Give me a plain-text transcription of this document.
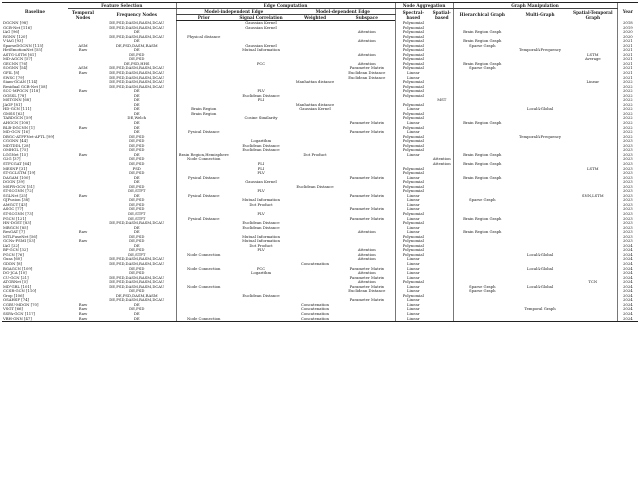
Baseline	Feature Selection		Edge Computation				Node Aggregation		Graph Manipulation			Year
	Temporal Nodes	Frequency Nodes	Model-independent Edge		Model-dependent Edge		Spectral-based	Spatial-based	Hierarchical Graph	Multi-Graph	Spatial-Temporal Graph	
			Prior	Signal Correlation	Weighted	Subspace						
DGCNN [98]		DE,PSD,DASM,RASM,DCAU		Gaussian Kernel			Polynomial					2018
GCB-Net [116]		DE,PSD,DASM,RASM,DCAU		Gaussian Kernel			Polynomial					2019
IAG [96]		DE				Attention	Polynomial		Brain Region Graph			2020
RGNN [120]		DE,PSD,DASM,RASM,DCAU	Physical distance				Polynomial					2020
V-IAG [93]		DE				Attention	Polynomial		Brain Region Graph			2021
SparseDGCNN [115]	ASM	DE,PSD,DASM,RASM		Gaussian Kernel			Polynomial		Sparse Graph			2021
HetEmotionNet [55]	Raw	DE		Mutual Information			Polynomial			Temporal&Frequency		2021
ASTG-LSTM [61]		DE,PSD				Attention	Polynomial				LSTM	2021
MD-AGCN [57]		DE,PSD					Polynomial				Average	2021
GECNN [76]		DE,PSD,HHS		PCC		Attention	Polynomial		Brain Region Graph			2021
SOGNN [54]	ASM	DE,PSD,DASM,RASM,DCAU				Parameter Matrix	Polynomial		Sparse Graph			2021
GFIL [8]	Raw	DE,PSD,DASM,RASM,DCAU				Euclidean Distance	Linear					2021
SWSC [79]		DE,PSD,DASM,RASM,DCAU				Euclidean Distance	Linear					2021
Siam-GCAN [114]		DE,PSD,DASM,RASM,DCAU			Manhattan distance		Polynomial				Linear	2022
Residual GCB-Net [58]		DE,PSD,DASM,RASM,DCAU					Polynomial					2022
SCC-MPGCN [118]	Raw	DE		PLV			Polynomial					2022
OGSSL [78]		DE		Euclidean Distance			Polynomial					2022
MSTGNN [68]		DE		PLI				MST				2022
JAGP [81]		DE			Manhattan distance		Polynomial					2022
HD-GCN [111]		DE	Brain Region		Gaussian Kernel		Linear			Local&Global		2022
GMSS [62]		DE	Brain Region				Polynomial					2022
TARDGCN [59]		DE,Welch		Cosine Similarity			Polynomial					2022
AHGCN [108]		DE				Parameter Matrix	Linear		Brain Region Graph			2022
BLB-DGCNN [1]	Raw	DE					Polynomial					2022
MD-GCN [16]		DE	Pysical Distance			Parameter Matrix	Linear					2022
DBGC-ATFFNet-AFTL [99]		DE,PSD					Polynomial			Temporal&Frequency		2022
CGGNN [44]		DE,PSD		Logarithm			Polynomial					2023
MDTDDL [28]		DE,PSD		Euclidean Distance			Polynomial					2023
OMHGL [75]		DE,PSD		Euclidean Distance			Polynomial					2023
LGGNet [15]	Raw	DE	Brain Region,Hemisphere		Dot Product		Linear		Brain Region Graph			2023
G2G [37]		DE,PSD	Node Connection					Attention				2023
STFCGAT [64]		DE,PSD		PLI				Attention	Brain Region Graph			2023
MESNP [31]		PSD		PLI			Polynomial				LSTM	2023
ST-GCLSTM [19]		DE,PSD		PLV			Polynomial					2023
DAGAM [100]		DE	Pysical Distance			Parameter Matrix	Linear		Brain Region Graph			2023
DGGN [39]		DE		Gaussian Kernel			Polynomial					2023
MSFR-GCN [51]		DE,PSD			Euclidean Distance		Polynomial					2023
ST-SCGNN [72]		DE,STFT		PLV			Polynomial					2023
SGLNet [25]	Raw	DE	Pysical Distance			Parameter Matrix	Linear				SNN,LSTM	2023
GJFusion [38]		DE,PSD		Mutual Information			Linear		Sparse Graph			2023
AMGCT [43]		DE,PSD		Dot Product			Linear					2023
ASGC [77]		DE,PSD				Parameter Matrix	Linear					2023
ST-SCGNN [73]		DE,STFT		PLV			Polynomial					2023
PGCN [121]		DE,STFT	Pysical Distance			Parameter Matrix	Linear		Brain Region Graph			2023
HN-DGST [83]		DE,PSD,DASM,RASM,DCAU		Euclidean Distance			Polynomial					2023
MBGCN [85]		DE		Euclidean Distance			Linear					2023
ResGAT [7]	Raw	DE				Attention	Linear		Brain Region Graph			2023
MTLFuseNet [56]		DE,PSD		Mutual Information			Polynomial					2023
GCNs-FSMI [53]	Raw	DE,PSD		Mutual Information			Polynomial					2023
IAG [22]		DE		Dot Product			Polynomial					2024
BF-GCN [32]		DE,PSD		PLV		Attention	Polynomial					2024
PGCN [76]		DE,STFT	Node Connection			Attention	Polynomial			Local&Global		2024
Gusa [60]		DE,PSD,DASM,RASM,DCAU				Attention	Linear					2024
GDDN [8]		DE,PSD,DASM,RASM,DCAU			Concatenation		Linear					2024
BGAGCN [109]		DE,PSD	Node Connection	PCC		Parameter Matrix	Linear			Local&Global		2024
DG-JCA [10]		DE,PSD		Logarithm		Attention	Linear					2024
CU-GCN [21]		DE,PSD,DASM,RASM,DCAU				Parameter Matrix	Linear					2024
ATGRNet [5]		DE,PSD,DASM,RASM,DCAU				Attention	Polynomial				TCN	2024
MD²GRL [101]		DE,PSD,DASM,RASM,DCAU	Node Connection			Parameter Matrix	Linear		Sparse Graph	Local&Global		2024
CCSR-GCN [110]		DE,PSD				Euclidean Distance	Linear		Sparse Graph			2024
Grop [106]		DE,PSD,DASM,RASM		Euclidean Distance			Polynomial					2024
OSAHSF [74]		DE,PSD,DASM,RASM,DCAU				Parameter Matrix	Linear					2024
CGBU-MDGN [70]	Raw	DE			Concatenation		Linear					2024
VSGT [66]	Raw	DE,PSD			Concatenation		Linear			Temporal Graph		2024
SSPA-GCN [117]	Raw	DE			Concatenation		Linear					2024
VBH-GNN [47]	Raw	DE	Node Connection		Concatenation		Linear					2024
